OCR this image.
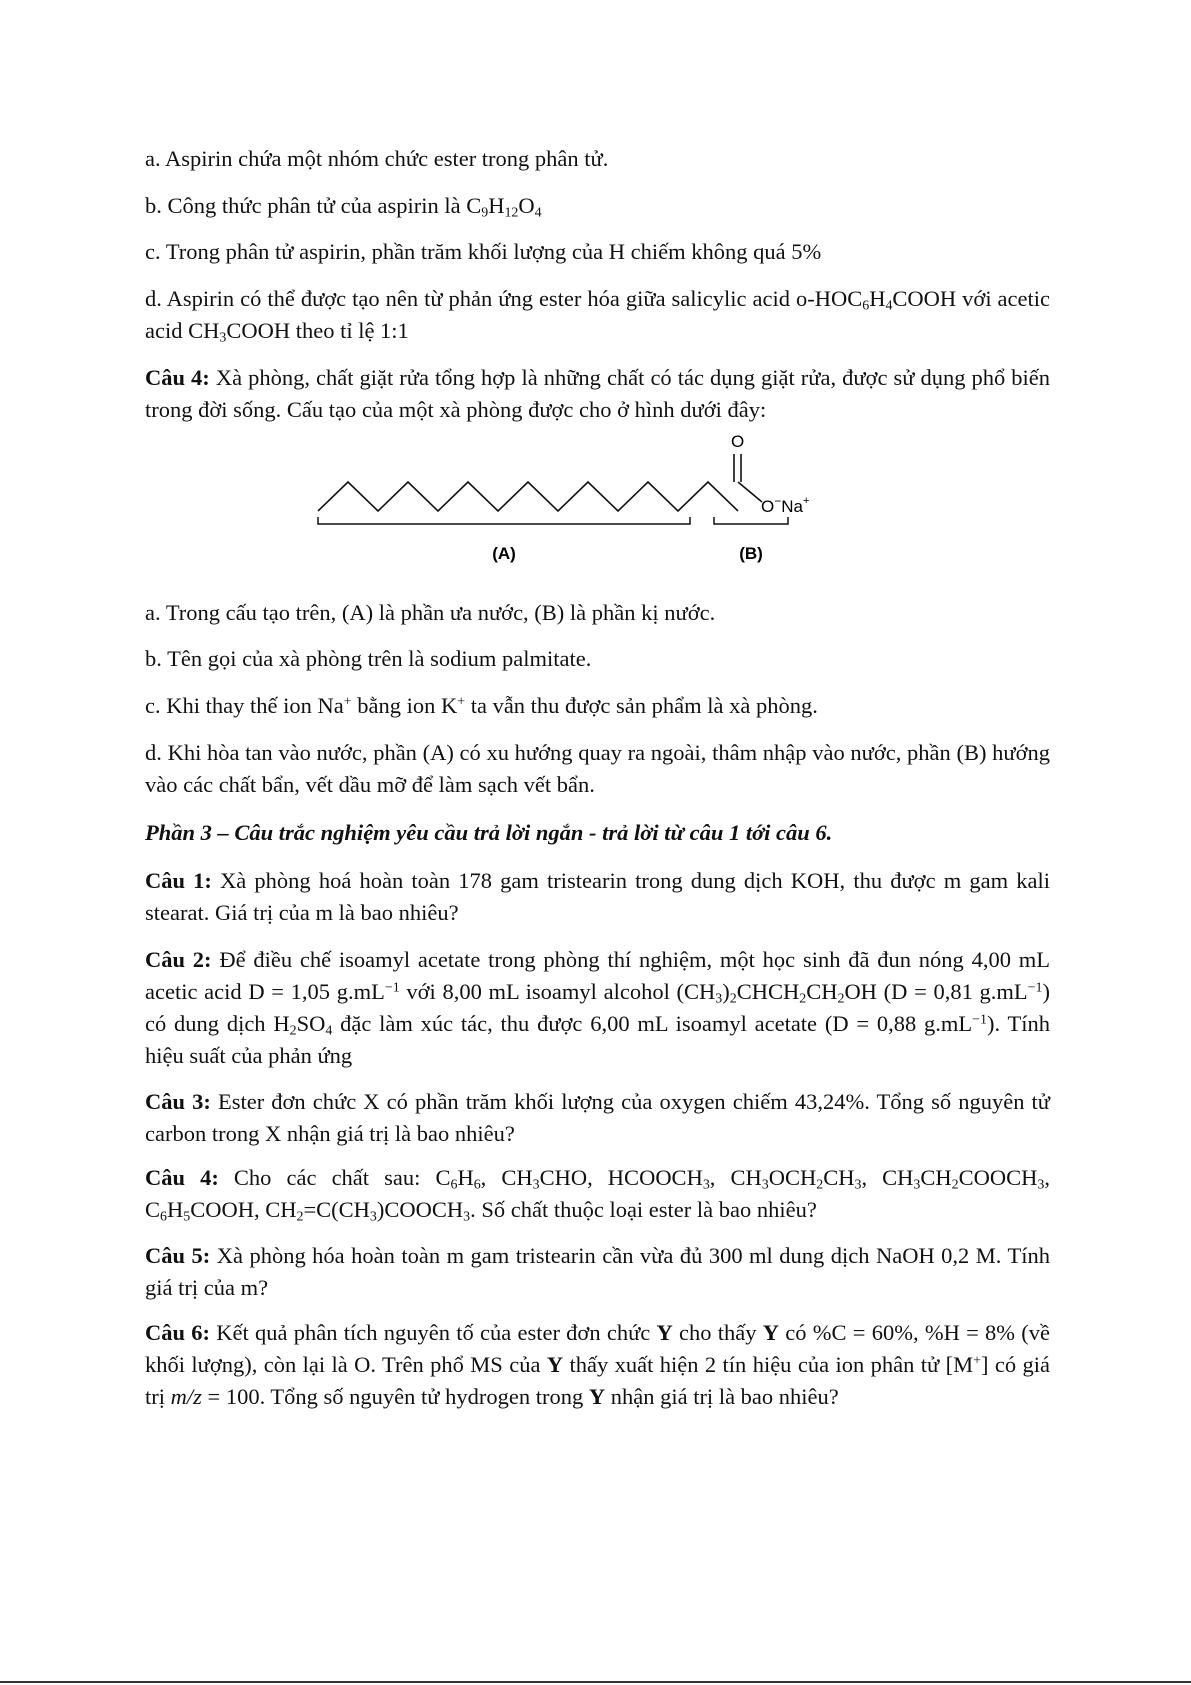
a. Aspirin chứa một nhóm chức ester trong phân tử.

b. Công thức phân tử của aspirin là $C_9H_{12}O_4$

c. Trong phân tử aspirin, phần trăm khối lượng của H chiếm không quá 5%

d. Aspirin có thể được tạo nên từ phản ứng ester hóa giữa salicylic acid $o-HOC_6H_4COOH$ với acetic acid $CH_3COOH$ theo tỉ lệ 1:1

Câu 4: Xà phòng, chất giặt rửa tổng hợp là những chất có tác dụng giặt rửa, được sử dụng phổ biến trong đời sống. Cấu tạo của một xà phòng được cho ở hình dưới đây:

O
O−Na+
(A)	(B)

a. Trong cấu tạo trên, (A) là phần ưa nước, (B) là phần kị nước.

b. Tên gọi của xà phòng trên là sodium palmitate.

c. Khi thay thế ion Na+ bằng ion K+ ta vẫn thu được sản phẩm là xà phòng.

d. Khi hòa tan vào nước, phần (A) có xu hướng quay ra ngoài, thâm nhập vào nước, phần (B) hướng vào các chất bẩn, vết dầu mỡ để làm sạch vết bẩn.

Phần 3 – Câu trắc nghiệm yêu cầu trả lời ngắn - trả lời từ câu 1 tới câu 6.

Câu 1: Xà phòng hoá hoàn toàn 178 gam tristearin trong dung dịch KOH, thu được m gam kali stearat. Giá trị của m là bao nhiêu?

Câu 2: Để điều chế isoamyl acetate trong phòng thí nghiệm, một học sinh đã đun nóng 4,00 mL acetic acid D = 1,05 $g.mL^{-1}$ với 8,00 mL isoamyl alcohol $(CH_3)_2CHCH_2CH_2OH$ (D = 0,81 $g.mL^{-1}$) có dung dịch $H_2SO_4$ đặc làm xúc tác, thu được 6,00 mL isoamyl acetate (D = 0,88 $g.mL^{-1}$). Tính hiệu suất của phản ứng

Câu 3: Ester đơn chức X có phần trăm khối lượng của oxygen chiếm 43,24%. Tổng số nguyên tử carbon trong X nhận giá trị là bao nhiêu?

Câu 4: Cho các chất sau: $C_6H_6$, $CH_3CHO$, $HCOOCH_3$, $CH_3OCH_2CH_3$, $CH_3CH_2COOCH_3$, $C_6H_5COOH$, $CH_2=C(CH_3)COOCH_3$. Số chất thuộc loại ester là bao nhiêu?

Câu 5: Xà phòng hóa hoàn toàn m gam tristearin cần vừa đủ 300 ml dung dịch NaOH 0,2 M. Tính giá trị của m?

Câu 6: Kết quả phân tích nguyên tố của ester đơn chức Y cho thấy Y có %C = 60%, %H = 8% (về khối lượng), còn lại là O. Trên phổ MS của Y thấy xuất hiện 2 tín hiệu của ion phân tử [M+] có giá trị m/z = 100. Tổng số nguyên tử hydrogen trong Y nhận giá trị là bao nhiêu?
